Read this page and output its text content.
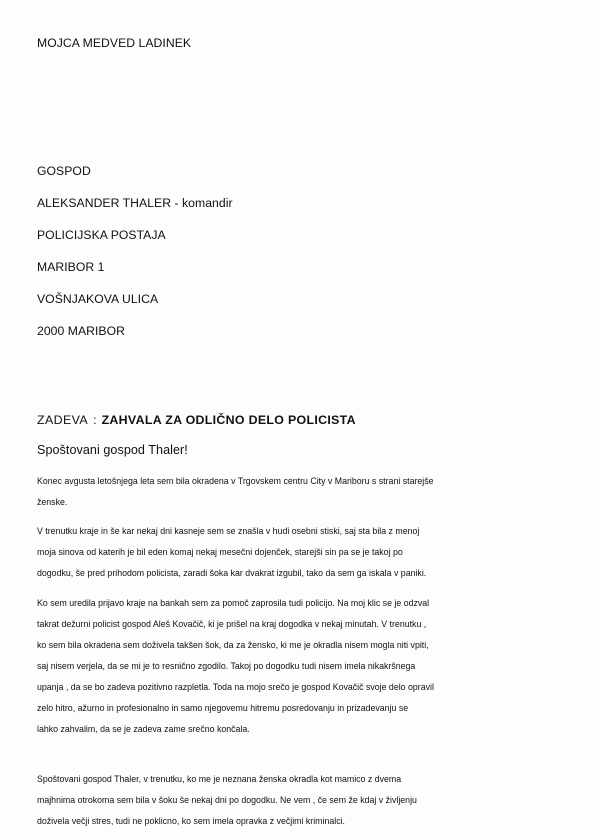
MOJCA MEDVED LADINEK
GOSPOD
ALEKSANDER THALER - komandir
POLICIJSKA POSTAJA
MARIBOR 1
VOŠNJAKOVA ULICA
2000 MARIBOR
ZADEVA : ZAHVALA ZA ODLIČNO DELO POLICISTA
Spoštovani gospod Thaler!
Konec avgusta letošnjega leta sem bila okradena v Trgovskem centru City v Mariboru s strani starejše
ženske.
V trenutku kraje in še kar nekaj dni kasneje sem se znašla v hudi osebni stiski, saj sta bila z menoj
moja sinova od katerih je bil eden komaj nekaj mesečni dojenček, starejši sin pa se je takoj po
dogodku, še pred prihodom policista, zaradi šoka kar dvakrat izgubil, tako da sem ga iskala v paniki.
Ko sem uredila prijavo kraje na bankah sem za pomoč zaprosila tudi policijo. Na moj klic se je odzval
takrat dežurni policist gospod Aleš Kovačič, ki je prišel na kraj dogodka v nekaj minutah. V trenutku ,
ko sem bila okradena sem doživela takšen šok, da za žensko, ki me je okradla nisem mogla niti vpiti,
saj nisem verjela, da se mi je to resnično zgodilo. Takoj po dogodku tudi nisem imela nikakršnega
upanja , da se bo zadeva pozitivno razpletla. Toda na mojo srečo je gospod Kovačič svoje delo opravil
zelo hitro, ažurno in profesionalno in samo njegovemu hitremu posredovanju in prizadevanju se
lahko zahvalim, da se je zadeva zame srečno končala.
Spoštovani gospod Thaler, v trenutku, ko me je neznana ženska okradla kot mamico z dvema
majhnima otrokoma sem bila v šoku še nekaj dni po dogodku. Ne vem , če sem že kdaj v življenju
doživela večji stres, tudi ne poklicno, ko sem imela opravka z večjimi kriminalci.
